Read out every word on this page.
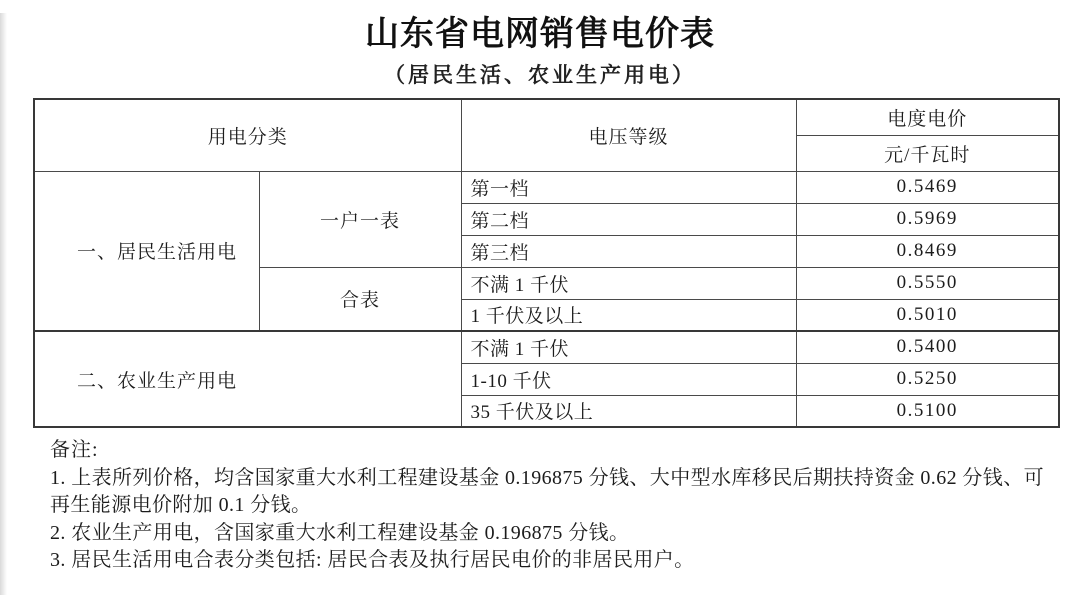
山东省电网销售电价表
（居民生活、农业生产用电）
用电分类		电压等级	电度电价
			元/千瓦时
一、居民生活用电	一户一表	第一档	0.5469
		第二档	0.5969
		第三档	0.8469
	合表	不满 1 千伏	0.5550
		1 千伏及以上	0.5010
二、农业生产用电		不满 1 千伏	0.5400
		1-10 千伏	0.5250
		35 千伏及以上	0.5100
备注:
1. 上表所列价格，均含国家重大水利工程建设基金 0.196875 分钱、大中型水库移民后期扶持资金 0.62 分钱、可再生能源电价附加 0.1 分钱。
2. 农业生产用电，含国家重大水利工程建设基金 0.196875 分钱。
3. 居民生活用电合表分类包括: 居民合表及执行居民电价的非居民用户。
